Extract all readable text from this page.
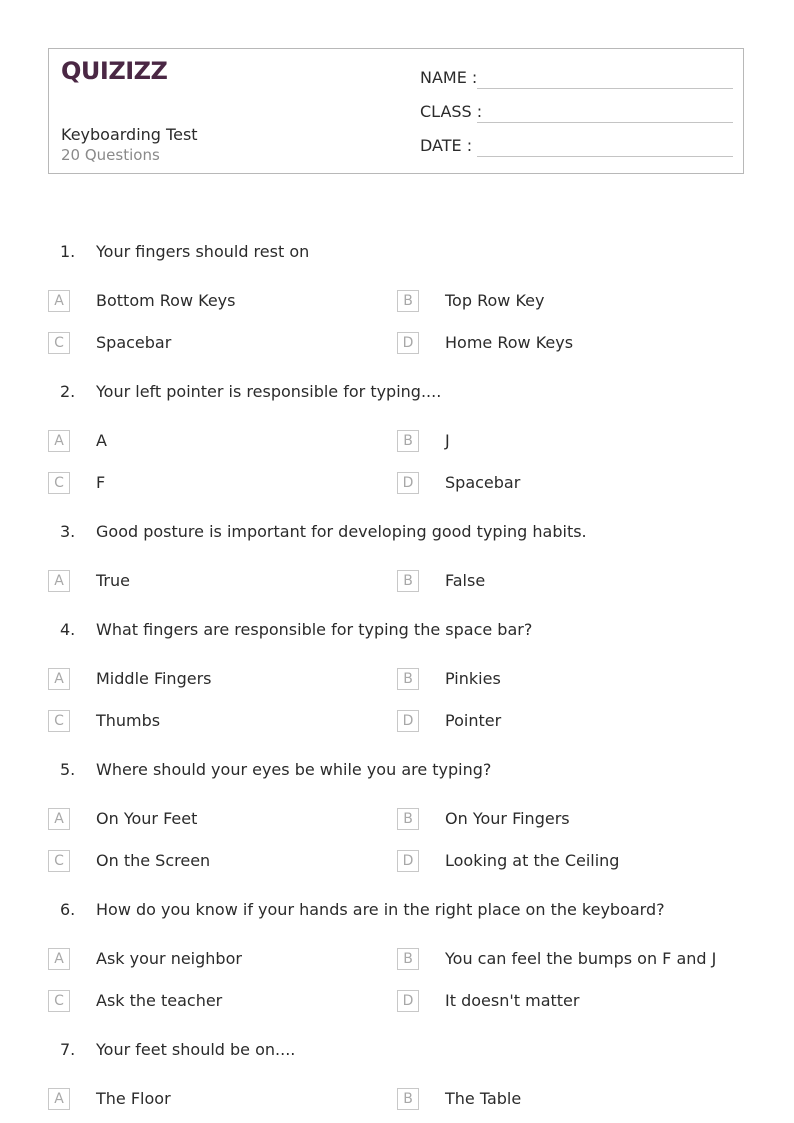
QUIZIZZ
Keyboarding Test
20 Questions
NAME :
CLASS :
DATE :
1. Your fingers should rest on
A	Bottom Row Keys	B	Top Row Key
C	Spacebar	D	Home Row Keys
2. Your left pointer is responsible for typing....
A	A	B	J
C	F	D	Spacebar
3. Good posture is important for developing good typing habits.
A	True	B	False
4. What fingers are responsible for typing the space bar?
A	Middle Fingers	B	Pinkies
C	Thumbs	D	Pointer
5. Where should your eyes be while you are typing?
A	On Your Feet	B	On Your Fingers
C	On the Screen	D	Looking at the Ceiling
6. How do you know if your hands are in the right place on the keyboard?
A	Ask your neighbor	B	You can feel the bumps on F and J
C	Ask the teacher	D	It doesn't matter
7. Your feet should be on....
A	The Floor	B	The Table
